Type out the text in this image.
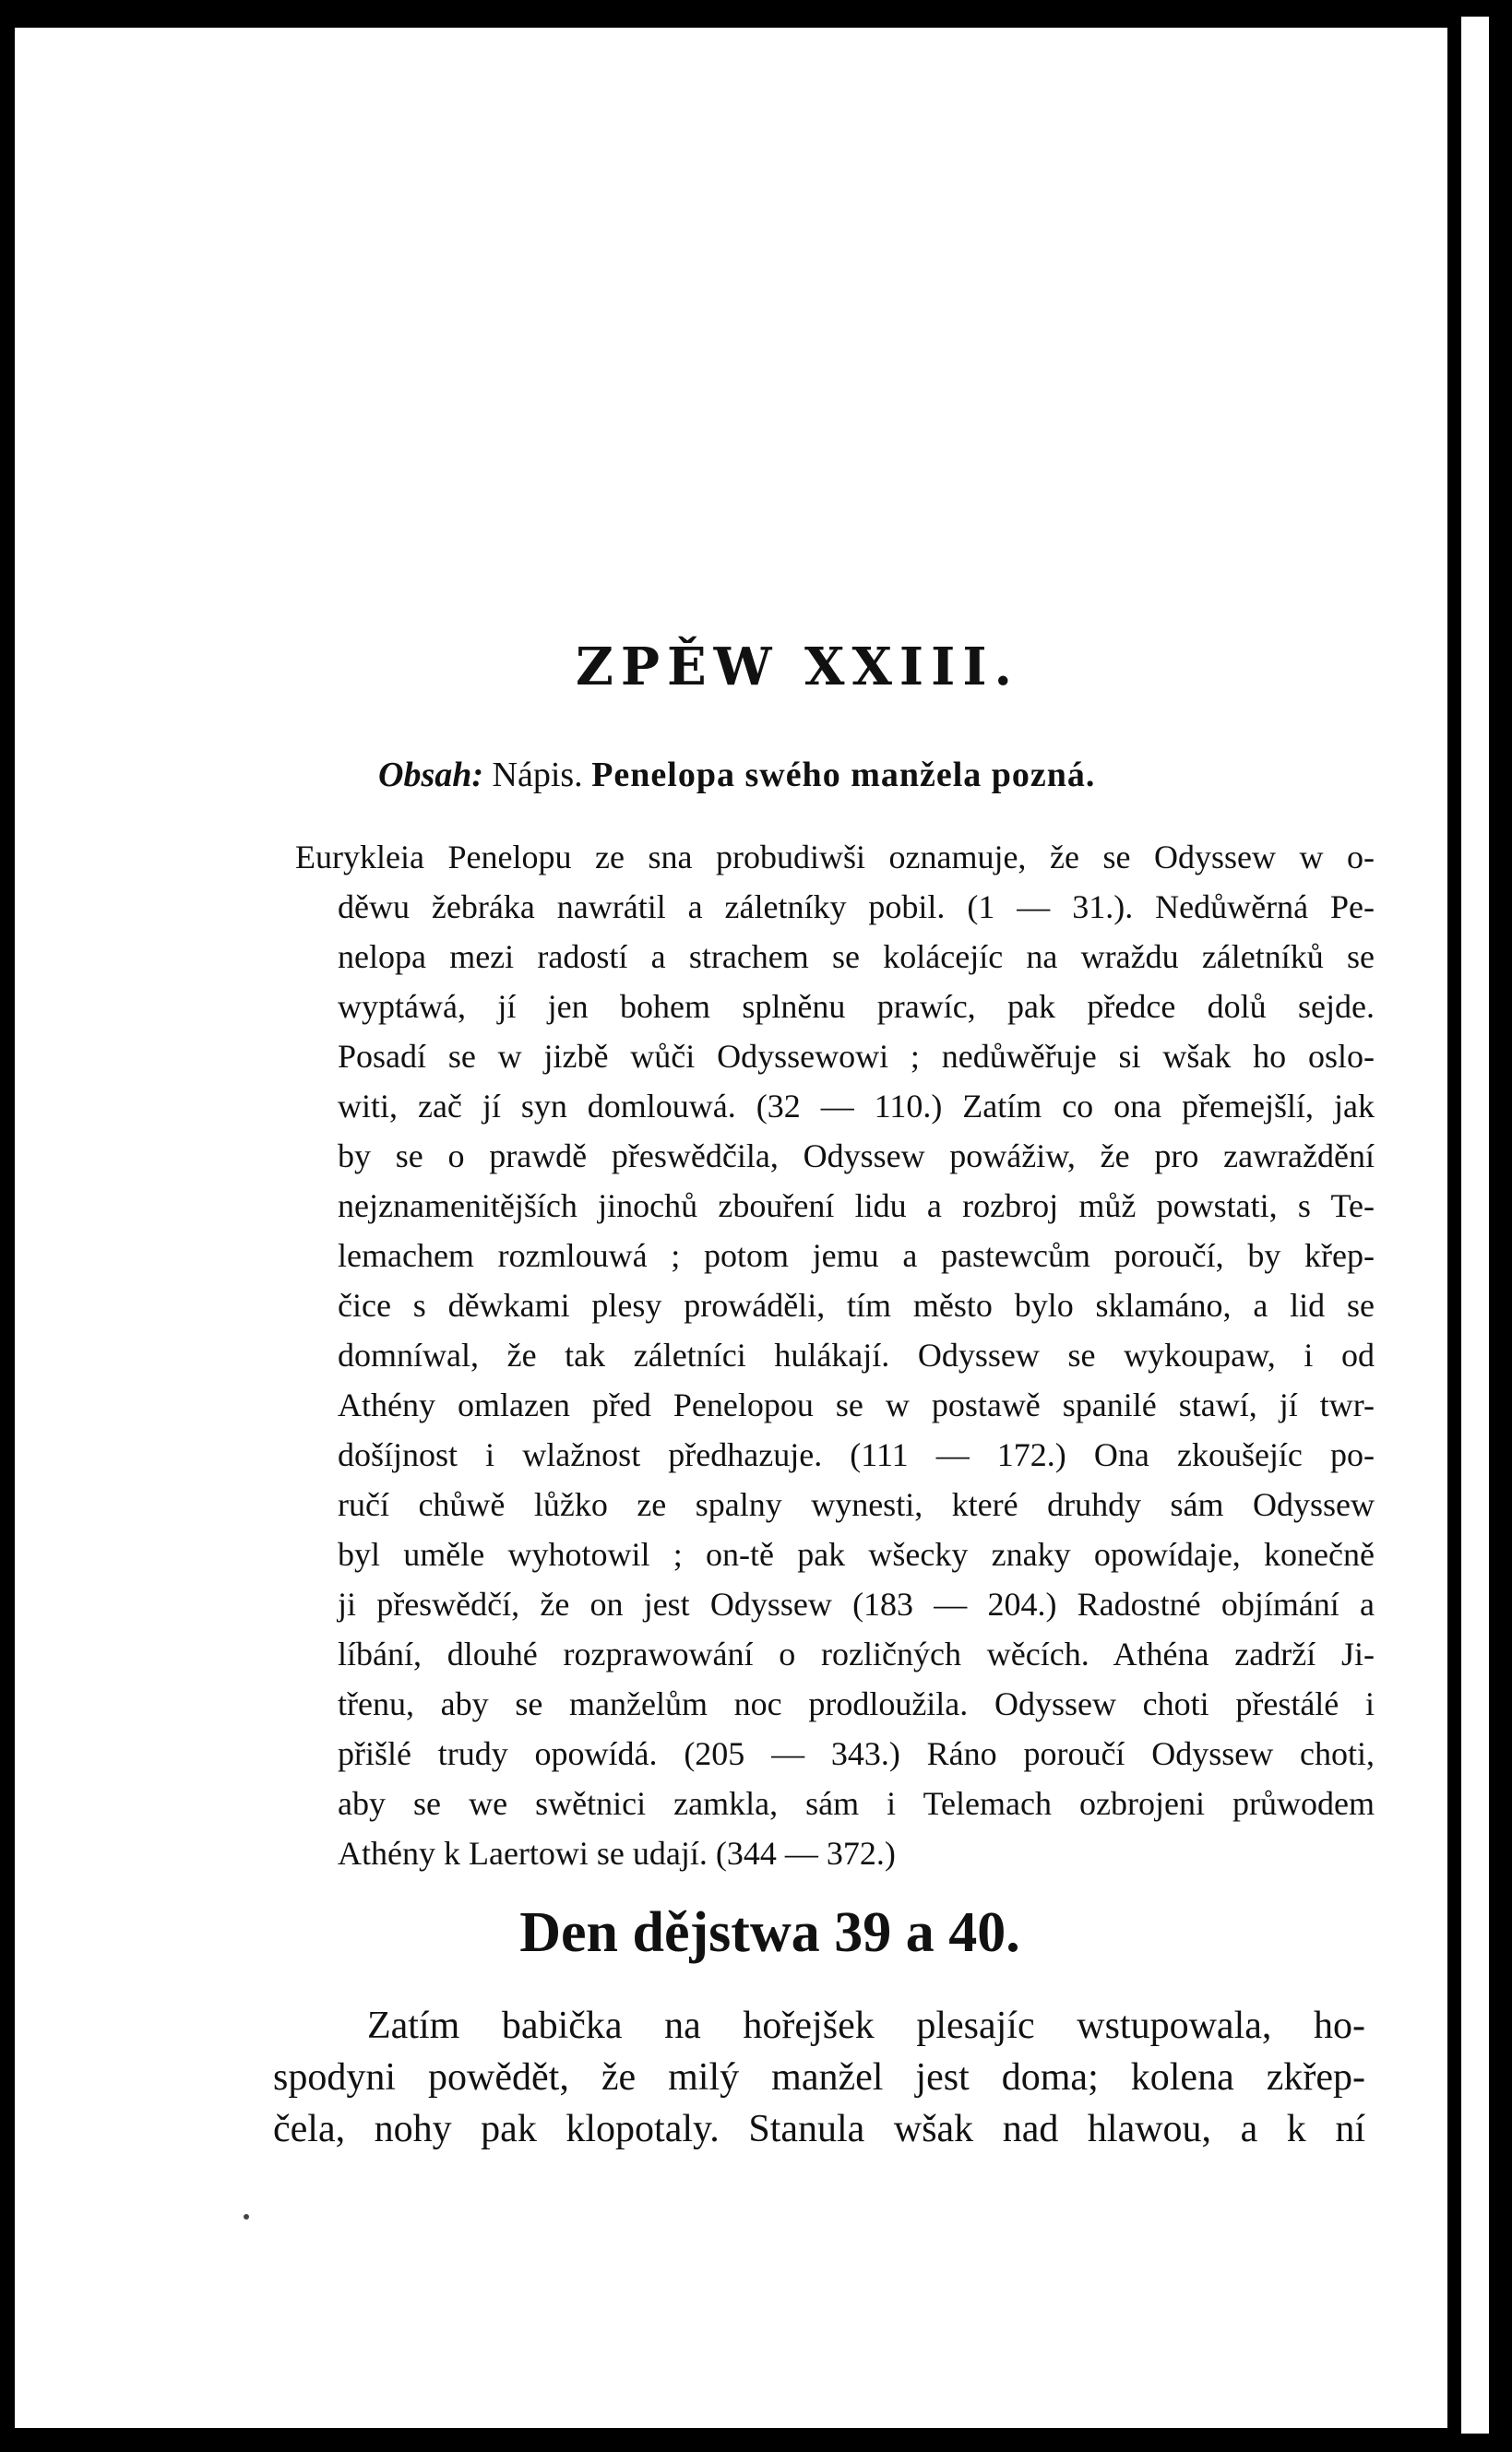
ZPĚW XXIII.
Obsah: Nápis. Penelopa swého manžela pozná.
Eurykleia Penelopu ze sna probudiwši oznamuje, že se Odyssew w o-
děwu žebráka nawrátil a záletníky pobil. (1 — 31.). Nedůwěrná Pe-
nelopa mezi radostí a strachem se kolácejíc na wraždu záletníků se
wyptáwá, jí jen bohem splněnu prawíc, pak předce dolů sejde.
Posadí se w jizbě wůči Odyssewowi ; nedůwěřuje si wšak ho oslo-
witi, zač jí syn domlouwá. (32 — 110.) Zatím co ona přemejšlí, jak
by se o prawdě přeswědčila, Odyssew powážiw, že pro zawraždění
nejznamenitějších jinochů zbouření lidu a rozbroj můž powstati, s Te-
lemachem rozmlouwá ; potom jemu a pastewcům poroučí, by křep-
čice s děwkami plesy prowáděli, tím město bylo sklamáno, a lid se
domníwal, že tak záletníci hulákají. Odyssew se wykoupaw, i od
Athény omlazen před Penelopou se w postawě spanilé stawí, jí twr-
došíjnost i wlažnost předhazuje. (111 — 172.) Ona zkoušejíc po-
ručí chůwě lůžko ze spalny wynesti, které druhdy sám Odyssew
byl uměle wyhotowil ; on-tě pak wšecky znaky opowídaje, konečně
ji přeswědčí, že on jest Odyssew (183 — 204.) Radostné objímání a
líbání, dlouhé rozprawowání o rozličných wěcích. Athéna zadrží Ji-
třenu, aby se manželům noc prodloužila. Odyssew choti přestálé i
přišlé trudy opowídá. (205 — 343.) Ráno poroučí Odyssew choti,
aby se we swětnici zamkla, sám i Telemach ozbrojeni průwodem
Athény k Laertowi se udají. (344 — 372.)
Den dějstwa 39 a 40.
Zatím babička na hořejšek plesajíc wstupowala, ho-
spodyni powědět, že milý manžel jest doma; kolena zkřep-
čela, nohy pak klopotaly. Stanula wšak nad hlawou, a k ní
